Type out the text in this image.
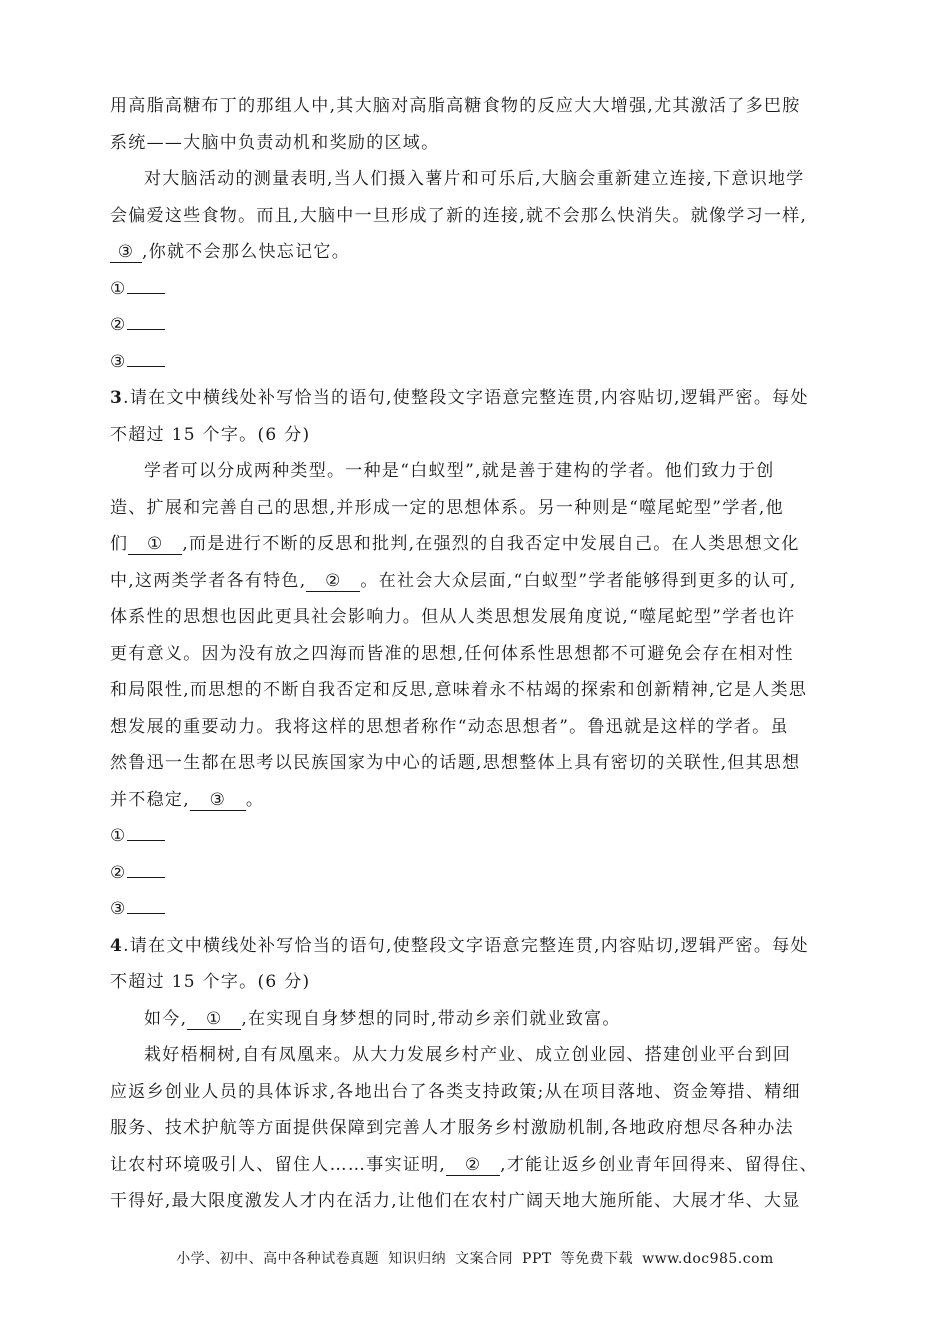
用高脂高糖布丁的那组人中,其大脑对高脂高糖食物的反应大大增强,尤其激活了多巴胺

系统——大脑中负责动机和奖励的区域。

对大脑活动的测量表明,当人们摄入薯片和可乐后,大脑会重新建立连接,下意识地学

会偏爱这些食物。而且,大脑中一旦形成了新的连接,就不会那么快消失。就像学习一样,

③ ,你就不会那么快忘记它。

①

②

③

3.请在文中横线处补写恰当的语句,使整段文字语意完整连贯,内容贴切,逻辑严密。每处

不超过 15 个字。(6 分)

学者可以分成两种类型。一种是“白蚁型”,就是善于建构的学者。他们致力于创

造、扩展和完善自己的思想,并形成一定的思想体系。另一种则是“噬尾蛇型”学者,他

们 ① ,而是进行不断的反思和批判,在强烈的自我否定中发展自己。在人类思想文化

中,这两类学者各有特色, ② 。在社会大众层面,“白蚁型”学者能够得到更多的认可,

体系性的思想也因此更具社会影响力。但从人类思想发展角度说,“噬尾蛇型”学者也许

更有意义。因为没有放之四海而皆准的思想,任何体系性思想都不可避免会存在相对性

和局限性,而思想的不断自我否定和反思,意味着永不枯竭的探索和创新精神,它是人类思

想发展的重要动力。我将这样的思想者称作“动态思想者”。鲁迅就是这样的学者。虽

然鲁迅一生都在思考以民族国家为中心的话题,思想整体上具有密切的关联性,但其思想

并不稳定, ③ 。

①

②

③

4.请在文中横线处补写恰当的语句,使整段文字语意完整连贯,内容贴切,逻辑严密。每处

不超过 15 个字。(6 分)

如今, ① ,在实现自身梦想的同时,带动乡亲们就业致富。

栽好梧桐树,自有凤凰来。从大力发展乡村产业、成立创业园、搭建创业平台到回

应返乡创业人员的具体诉求,各地出台了各类支持政策;从在项目落地、资金筹措、精细

服务、技术护航等方面提供保障到完善人才服务乡村激励机制,各地政府想尽各种办法

让农村环境吸引人、留住人……事实证明, ② ,才能让返乡创业青年回得来、留得住、

干得好,最大限度激发人才内在活力,让他们在农村广阔天地大施所能、大展才华、大显

小学、初中、高中各种试卷真题 知识归纳 文案合同 PPT 等免费下载 www.doc985.com
